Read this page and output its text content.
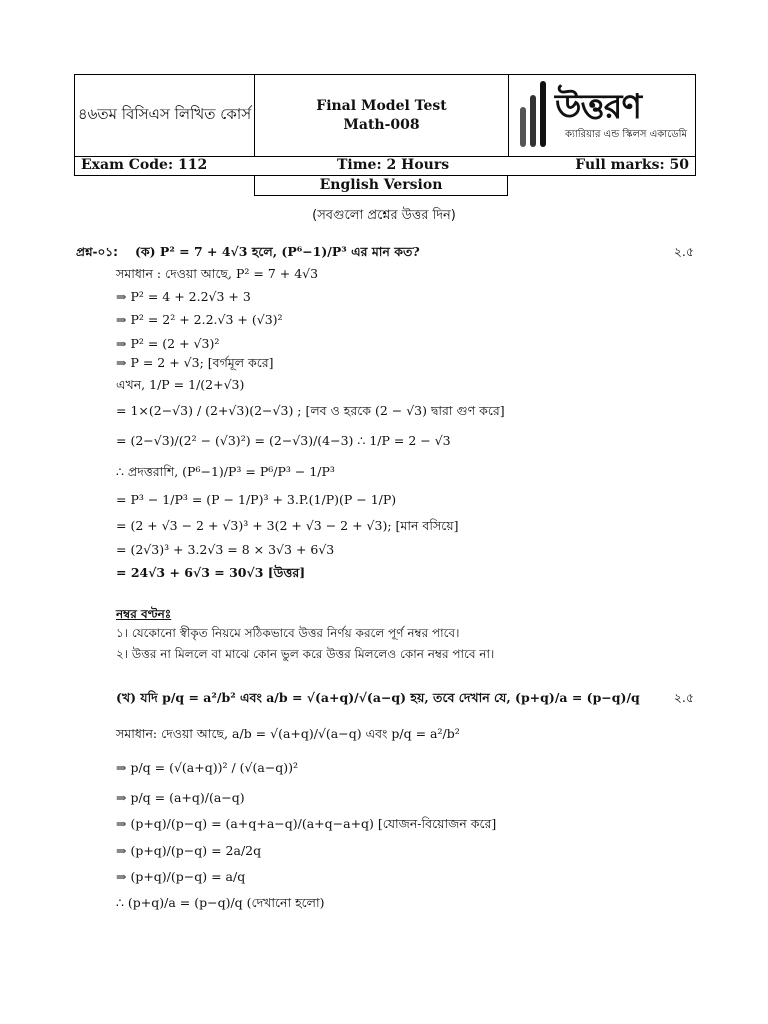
৪৬তম বিসিএস লিখিত কোর্স	Final Model Test
Math-008	উত্তরণ
ক্যারিয়ার এন্ড স্কিলস একাডেমি
Exam Code: 112	Time: 2 Hours	Full marks: 50
English Version
(সবগুলো প্রশ্নের উত্তর দিন)
প্রশ্ন-০১: (ক) P² = 7 + 4√3 হলে, (P⁶−1)/P³ এর মান কত?	২.৫
সমাধান : দেওয়া আছে, P² = 7 + 4√3
⇒ P² = 4 + 2.2√3 + 3
⇒ P² = 2² + 2.2.√3 + (√3)²
⇒ P² = (2 + √3)²
⇒ P = 2 + √3; [বর্গমূল করে]
এখন, 1/P = 1/(2+√3)
= 1×(2−√3) / (2+√3)(2−√3) ; [লব ও হরকে (2 − √3) দ্বারা গুণ করে]
= (2−√3)/(2² − (√3)²) = (2−√3)/(4−3) ∴ 1/P = 2 − √3
∴ প্রদত্তরাশি, (P⁶−1)/P³ = P⁶/P³ − 1/P³
= P³ − 1/P³ = (P − 1/P)³ + 3.P.(1/P)(P − 1/P)
= (2 + √3 − 2 + √3)³ + 3(2 + √3 − 2 + √3); [মান বসিয়ে]
= (2√3)³ + 3.2√3 = 8 × 3√3 + 6√3
= 24√3 + 6√3 = 30√3 [উত্তর]
নম্বর বণ্টনঃ
১। যেকোনো স্বীকৃত নিয়মে সঠিকভাবে উত্তর নির্ণয় করলে পূর্ণ নম্বর পাবে।
২। উত্তর না মিললে বা মাঝে কোন ভুল করে উত্তর মিললেও কোন নম্বর পাবে না।
(খ) যদি p/q = a²/b² এবং a/b = √(a+q)/√(a−q) হয়, তবে দেখান যে, (p+q)/a = (p−q)/q	২.৫
সমাধান: দেওয়া আছে, a/b = √(a+q)/√(a−q) এবং p/q = a²/b²
⇒ p/q = (√(a+q))² / (√(a−q))²
⇒ p/q = (a+q)/(a−q)
⇒ (p+q)/(p−q) = (a+q+a−q)/(a+q−a+q) [যোজন-বিয়োজন করে]
⇒ (p+q)/(p−q) = 2a/2q
⇒ (p+q)/(p−q) = a/q
∴ (p+q)/a = (p−q)/q (দেখানো হলো)
